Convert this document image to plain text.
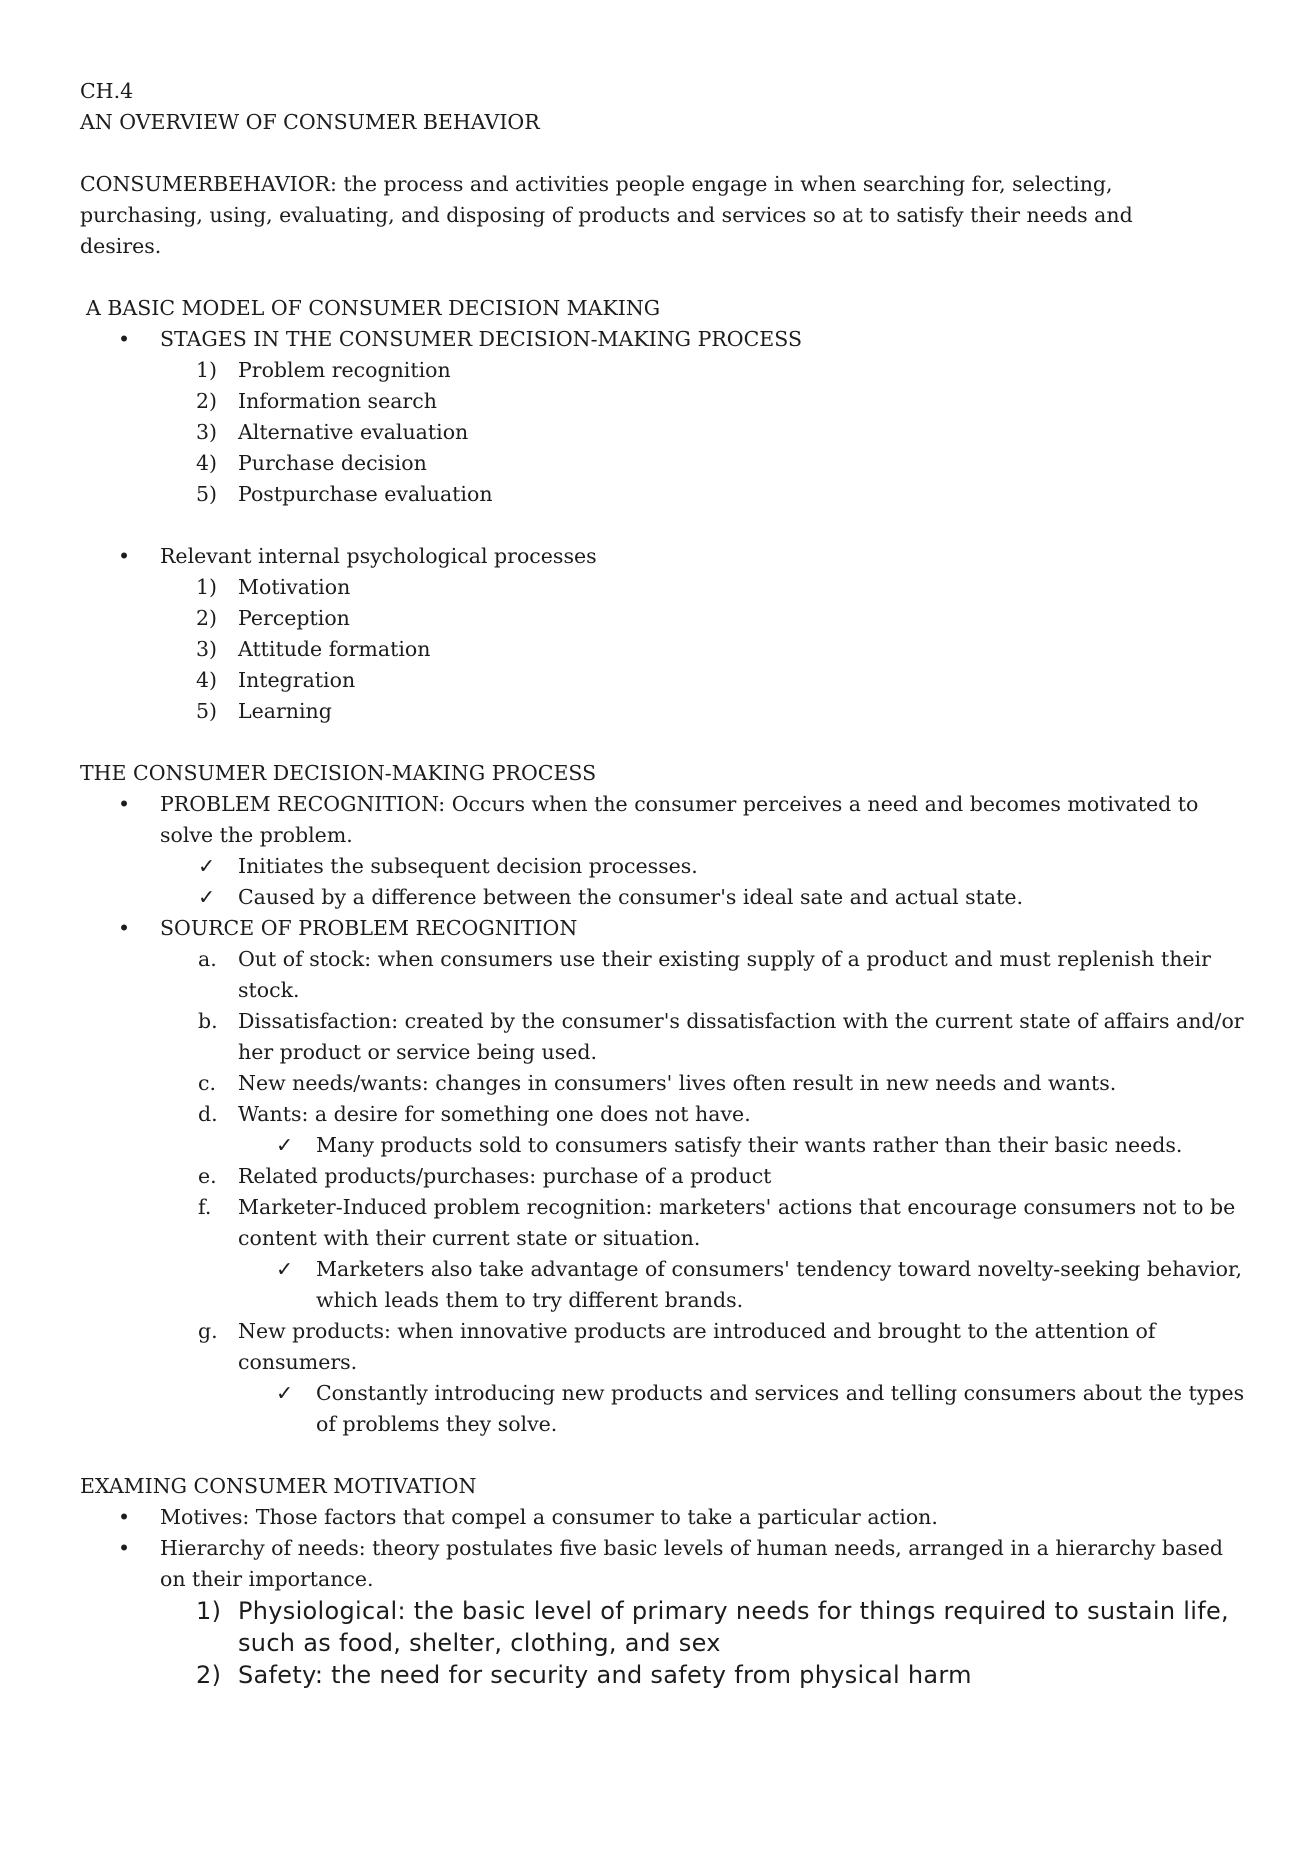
CH.4

AN OVERVIEW OF CONSUMER BEHAVIOR

CONSUMERBEHAVIOR: the process and activities people engage in when searching for, selecting,

purchasing, using, evaluating, and disposing of products and services so at to satisfy their needs and

desires.

A BASIC MODEL OF CONSUMER DECISION MAKING

•	STAGES IN THE CONSUMER DECISION-MAKING PROCESS
1)	Problem recognition
2)	Information search
3)	Alternative evaluation
4)	Purchase decision
5)	Postpurchase evaluation
•	Relevant internal psychological processes
1)	Motivation
2)	Perception
3)	Attitude formation
4)	Integration
5)	Learning

THE CONSUMER DECISION-MAKING PROCESS

•	PROBLEM RECOGNITION: Occurs when the consumer perceives a need and becomes motivated to solve the problem.
✓	Initiates the subsequent decision processes.
✓	Caused by a difference between the consumer's ideal sate and actual state.
•	SOURCE OF PROBLEM RECOGNITION
a.	Out of stock: when consumers use their existing supply of a product and must replenish their stock.
b. Dissatisfaction: created by the consumer's dissatisfaction with the current state of affairs and/or her product or service being used.
c.	New needs/wants: changes in consumers' lives often result in new needs and wants.
d. Wants: a desire for something one does not have.
✓	Many products sold to consumers satisfy their wants rather than their basic needs.
e.	Related products/purchases: purchase of a product
f.	Marketer-Induced problem recognition: marketers' actions that encourage consumers not to be content with their current state or situation.
✓	Marketers also take advantage of consumers' tendency toward novelty-seeking behavior, which leads them to try different brands.
g. New products: when innovative products are introduced and brought to the attention of consumers.
✓	Constantly introducing new products and services and telling consumers about the types of problems they solve.

EXAMING CONSUMER MOTIVATION

•	Motives: Those factors that compel a consumer to take a particular action.
•	Hierarchy of needs: theory postulates five basic levels of human needs, arranged in a hierarchy based on their importance.
1) Physiological: the basic level of primary needs for things required to sustain life, such as food, shelter, clothing, and sex
2) Safety: the need for security and safety from physical harm
